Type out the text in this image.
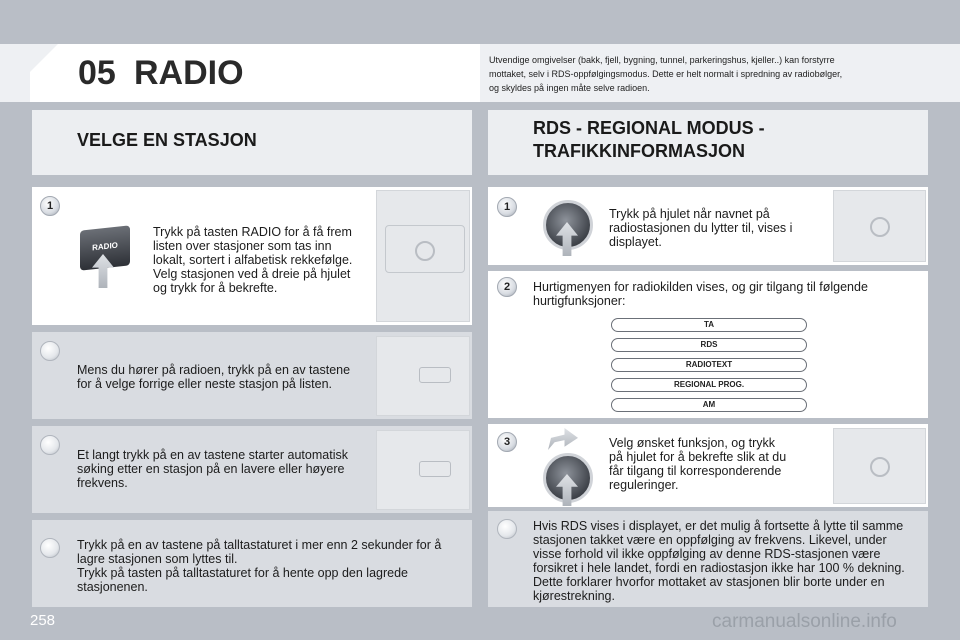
05 RADIO	Utvendige omgivelser (bakk, fjell, bygning, tunnel, parkeringshus, kjeller..) kan forstyrre
mottaket, selv i RDS-oppfølgingsmodus. Dette er helt normalt i spredning av radiobølger,
og skyldes på ingen måte selve radioen.
VELGE EN STASJON
1
RADIO
Trykk på tasten RADIO for å få frem
listen over stasjoner som tas inn
lokalt, sortert i alfabetisk rekkefølge.
Velg stasjonen ved å dreie på hjulet
og trykk for å bekrefte.
Mens du hører på radioen, trykk på en av tastene
for å velge forrige eller neste stasjon på listen.
Et langt trykk på en av tastene starter automatisk
søking etter en stasjon på en lavere eller høyere
frekvens.
Trykk på en av tastene på talltastaturet i mer enn 2 sekunder for å
lagre stasjonen som lyttes til.
Trykk på tasten på talltastaturet for å hente opp den lagrede
stasjonenen.
RDS - REGIONAL MODUS -
TRAFIKKINFORMASJON
1	Trykk på hjulet når navnet på
radiostasjonen du lytter til, vises i
displayet.
2	Hurtigmenyen for radiokilden vises, og gir tilgang til følgende
hurtigfunksjoner:
TA
RDS
RADIOTEXT
REGIONAL PROG.
AM
3	Velg ønsket funksjon, og trykk
på hjulet for å bekrefte slik at du
får tilgang til korresponderende
reguleringer.
Hvis RDS vises i displayet, er det mulig å fortsette å lytte til samme
stasjonen takket være en oppfølging av frekvens. Likevel, under
visse forhold vil ikke oppfølging av denne RDS-stasjonen være
forsikret i hele landet, fordi en radiostasjon ikke har 100 % dekning.
Dette forklarer hvorfor mottaket av stasjonen blir borte under en
kjørestrekning.
258	carmanualsonline.info
